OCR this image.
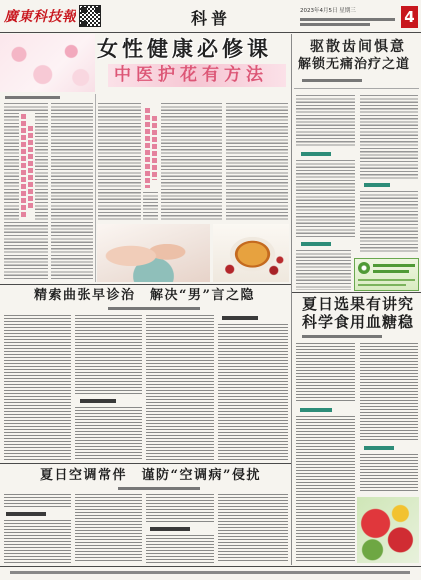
廣東科技報	科普	2023年4月5日 星期三	4
女性健康必修课
中医护花有方法
驱散齿间惧意
解锁无痛治疗之道
精索曲张早诊治　解决“男”言之隐
夏日空调常伴　谨防“空调病”侵扰
夏日选果有讲究
科学食用血糖稳
